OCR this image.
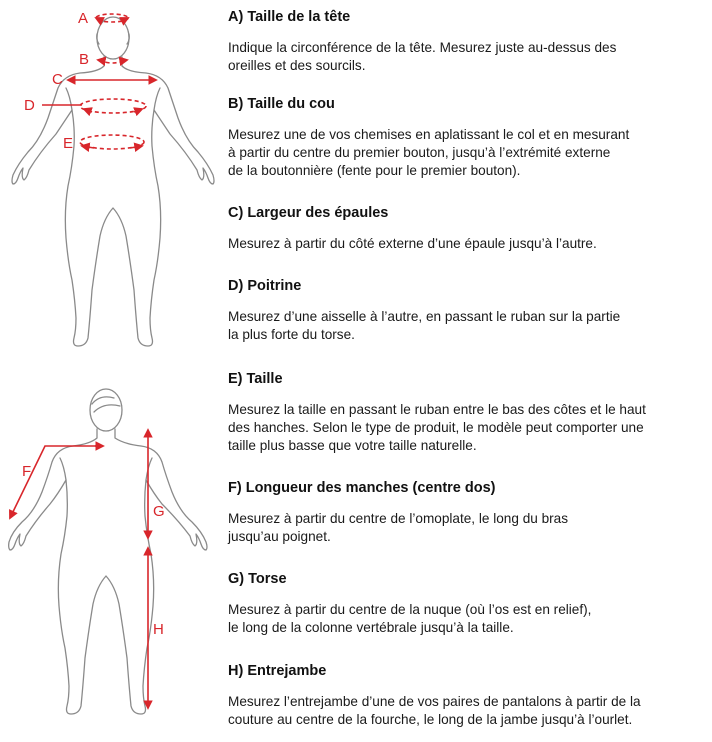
A
B
C
D
E
F
G
H
A) Taille de la tête

Indique la circonférence de la tête. Mesurez juste au-dessus des
oreilles et des sourcils.

B) Taille du cou

Mesurez une de vos chemises en aplatissant le col et en mesurant
à partir du centre du premier bouton, jusqu’à l’extrémité externe
de la boutonnière (fente pour le premier bouton).

C) Largeur des épaules

Mesurez à partir du côté externe d’une épaule jusqu’à l’autre.

D) Poitrine

Mesurez d’une aisselle à l’autre, en passant le ruban sur la partie
la plus forte du torse.

E) Taille

Mesurez la taille en passant le ruban entre le bas des côtes et le haut
des hanches. Selon le type de produit, le modèle peut comporter une
taille plus basse que votre taille naturelle.

F) Longueur des manches (centre dos)

Mesurez à partir du centre de l’omoplate, le long du bras
jusqu’au poignet.

G) Torse

Mesurez à partir du centre de la nuque (où l’os est en relief),
le long de la colonne vertébrale jusqu’à la taille.

H) Entrejambe

Mesurez l’entrejambe d’une de vos paires de pantalons à partir de la
couture au centre de la fourche, le long de la jambe jusqu’à l’ourlet.
